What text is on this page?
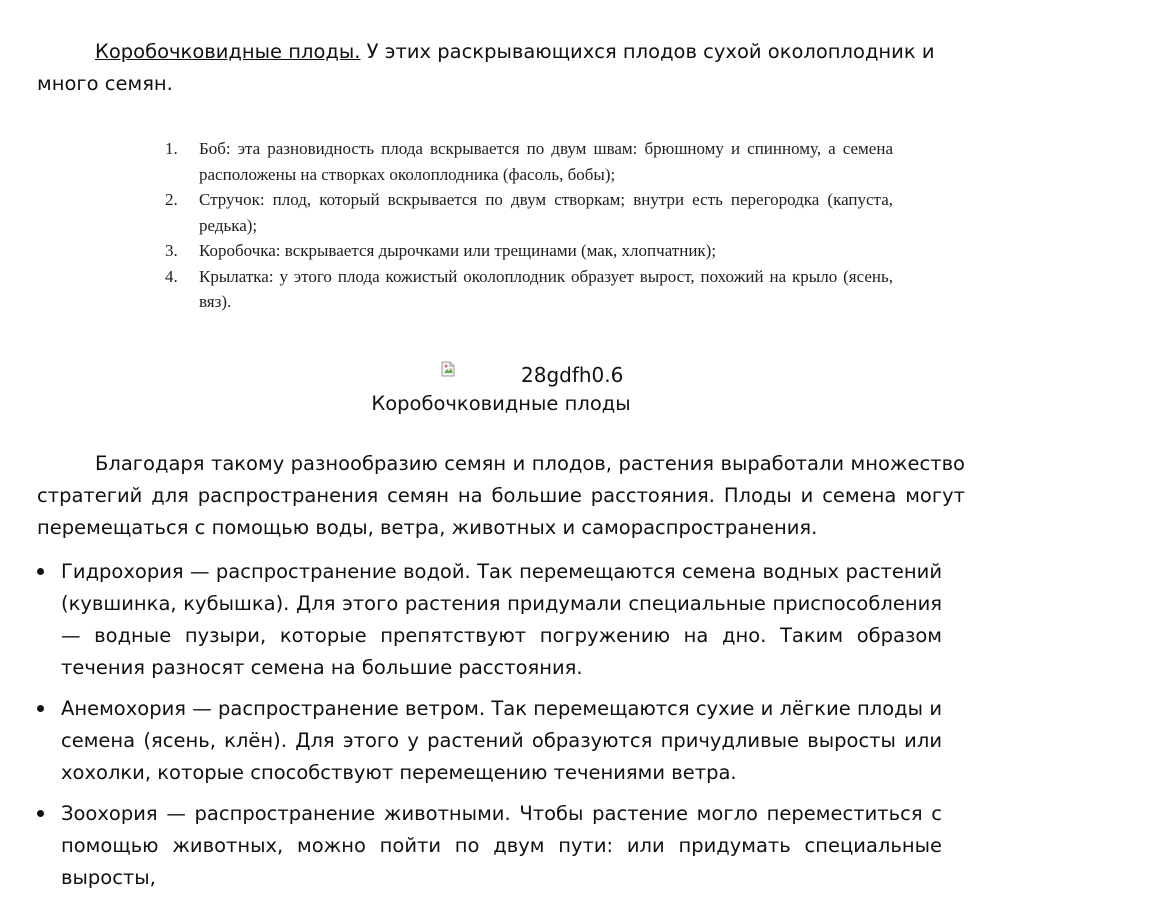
Коробочковидные плоды. У этих раскрывающихся плодов сухой околоплодник и много семян.

1. Боб: эта разновидность плода вскрывается по двум швам: брюшному и спинному, а семена расположены на створках околоплодника (фасоль, бобы);
2. Стручок: плод, который вскрывается по двум створкам; внутри есть перегородка (капуста, редька);
3. Коробочка: вскрывается дырочками или трещинами (мак, хлопчатник);
4. Крылатка: у этого плода кожистый околоплодник образует вырост, похожий на крыло (ясень, вяз).
28gdfh0.6
Коробочковидные плоды

Благодаря такому разнообразию семян и плодов, растения выработали множество стратегий для распространения семян на большие расстояния. Плоды и семена могут перемещаться с помощью воды, ветра, животных и самораспространения.

Гидрохория — распространение водой. Так перемещаются семена водных растений (кувшинка, кубышка). Для этого растения придумали специальные приспособления — водные пузыри, которые препятствуют погружению на дно. Таким образом течения разносят семена на большие расстояния.
Анемохория — распространение ветром. Так перемещаются сухие и лёгкие плоды и семена (ясень, клён). Для этого у растений образуются причудливые выросты или хохолки, которые способствуют перемещению течениями ветра.
Зоохория — распространение животными. Чтобы растение могло переместиться с помощью животных, можно пойти по двум пути: или придумать специальные выросты,
